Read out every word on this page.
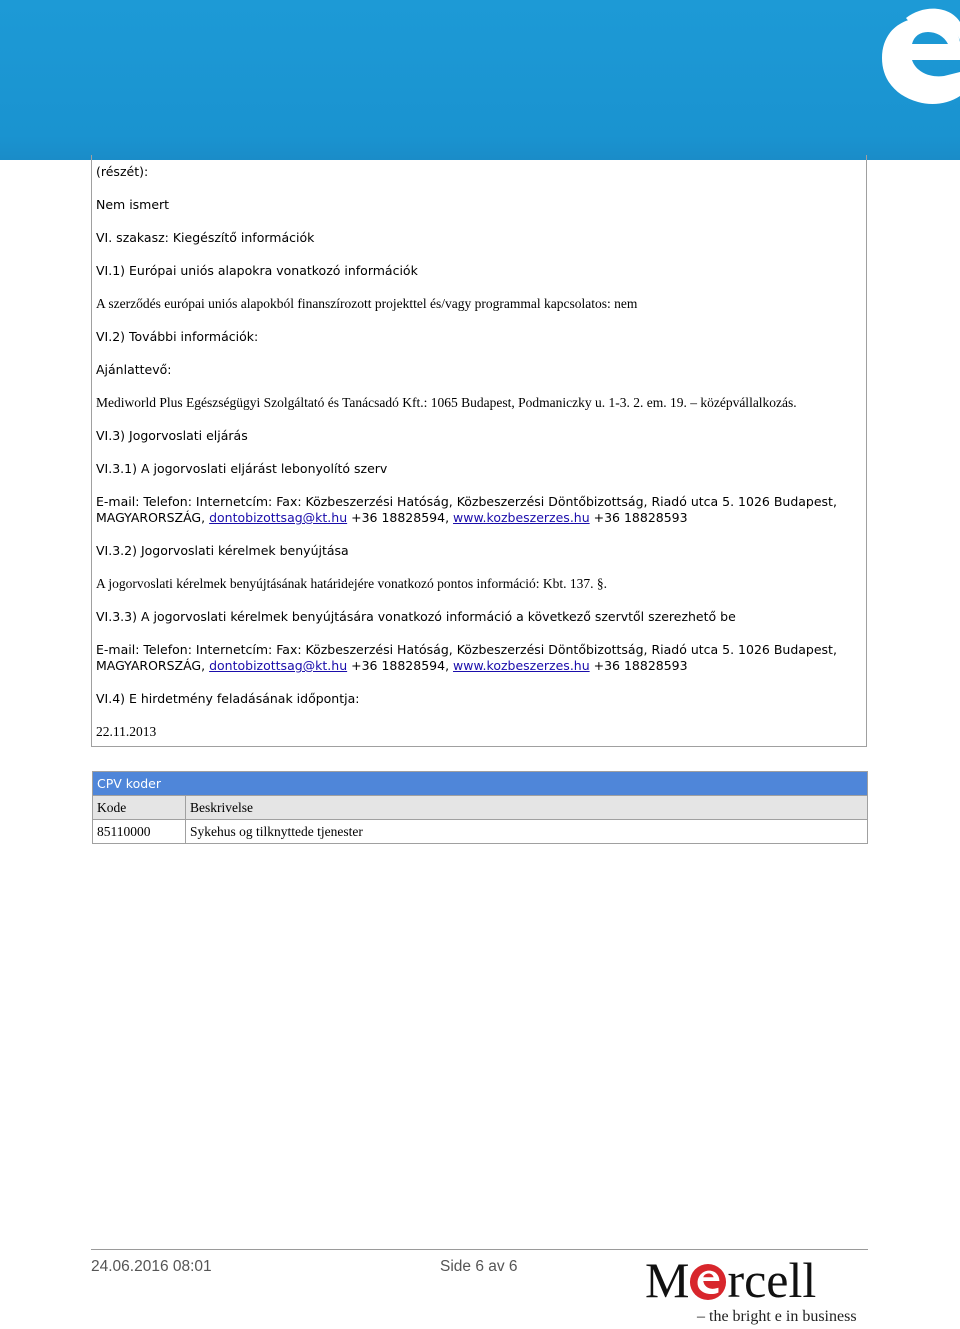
(részét):
Nem ismert
VI. szakasz: Kiegészítő információk
VI.1) Európai uniós alapokra vonatkozó információk
A szerződés európai uniós alapokból finanszírozott projekttel és/vagy programmal kapcsolatos: nem
VI.2) További információk:
Ajánlattevő:
Mediworld Plus Egészségügyi Szolgáltató és Tanácsadó Kft.: 1065 Budapest, Podmaniczky u. 1-3. 2. em. 19. – középvállalkozás.
VI.3) Jogorvoslati eljárás
VI.3.1) A jogorvoslati eljárást lebonyolító szerv
E-mail: Telefon: Internetcím: Fax: Közbeszerzési Hatóság, Közbeszerzési Döntőbizottság, Riadó utca 5. 1026 Budapest,
MAGYARORSZÁG, dontobizottsag@kt.hu +36 18828594, www.kozbeszerzes.hu +36 18828593
VI.3.2) Jogorvoslati kérelmek benyújtása
A jogorvoslati kérelmek benyújtásának határidejére vonatkozó pontos információ: Kbt. 137. §.
VI.3.3) A jogorvoslati kérelmek benyújtására vonatkozó információ a következő szervtől szerezhető be
E-mail: Telefon: Internetcím: Fax: Közbeszerzési Hatóság, Közbeszerzési Döntőbizottság, Riadó utca 5. 1026 Budapest,
MAGYARORSZÁG, dontobizottsag@kt.hu +36 18828594, www.kozbeszerzes.hu +36 18828593
VI.4) E hirdetmény feladásának időpontja:
22.11.2013
CPV koder	
Kode	Beskrivelse
85110000	Sykehus og tilknyttede tjenester
24.06.2016 08:01	Side 6 av 6	M rcell
– the bright e in business
